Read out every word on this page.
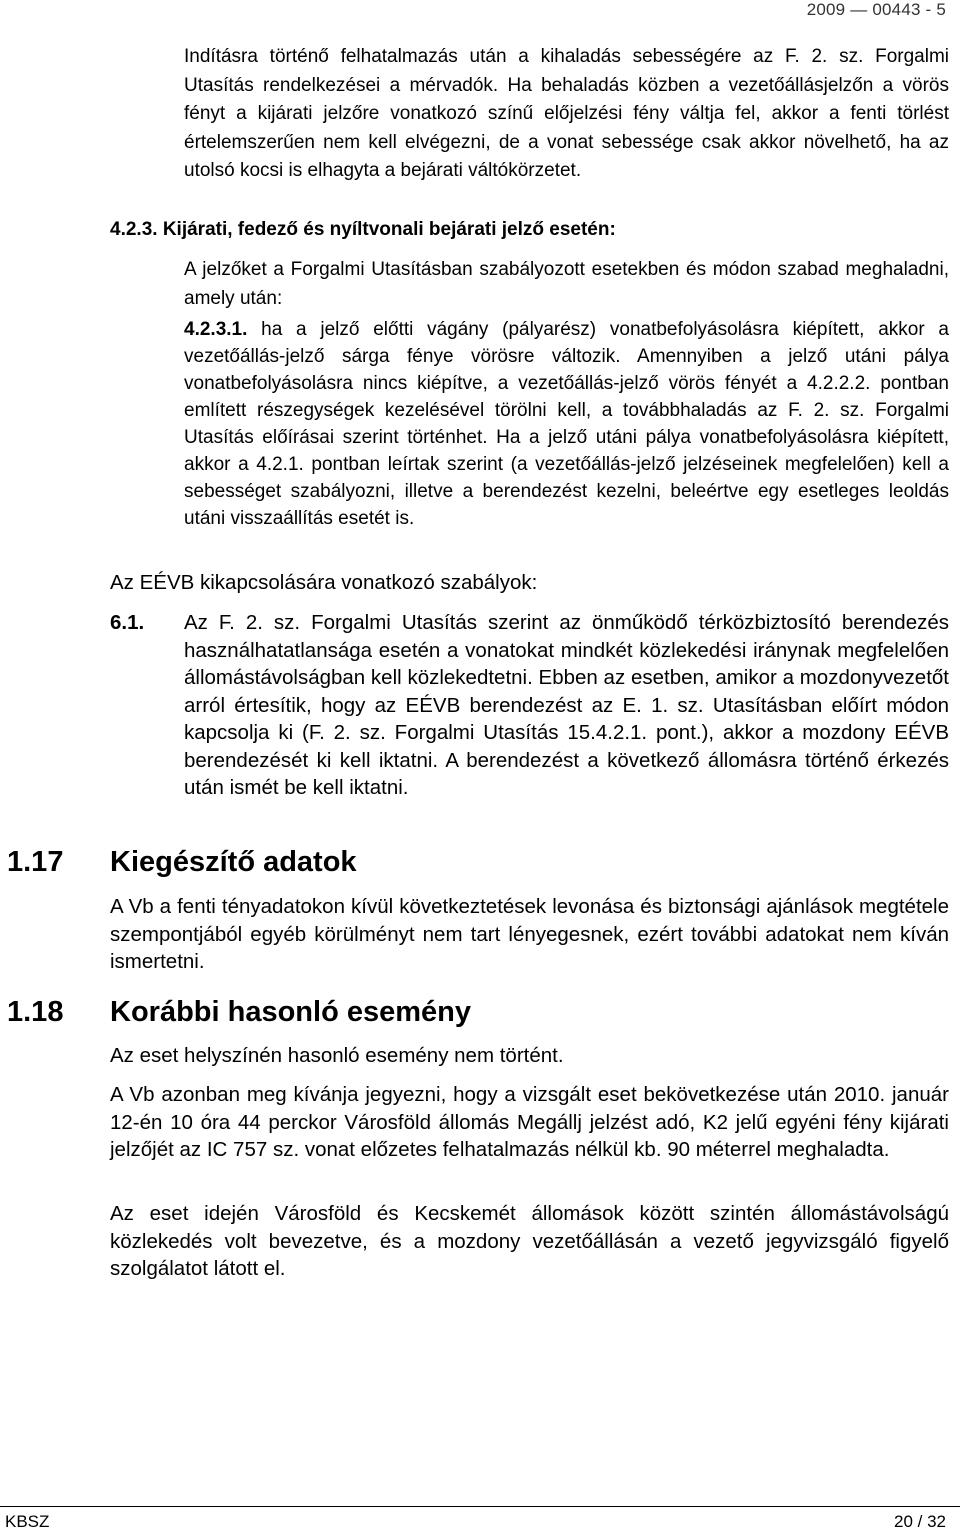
2009 — 00443 - 5

Indításra történő felhatalmazás után a kihaladás sebességére az F. 2. sz. Forgalmi Utasítás rendelkezései a mérvadók. Ha behaladás közben a vezetőállásjelzőn a vörös fényt a kijárati jelzőre vonatkozó színű előjelzési fény váltja fel, akkor a fenti törlést értelemszerűen nem kell elvégezni, de a vonat sebessége csak akkor növelhető, ha az utolsó kocsi is elhagyta a bejárati váltókörzetet.

4.2.3. Kijárati, fedező és nyíltvonali bejárati jelző esetén:

A jelzőket a Forgalmi Utasításban szabályozott esetekben és módon szabad meghaladni, amely után:

4.2.3.1. ha a jelző előtti vágány (pályarész) vonatbefolyásolásra kiépített, akkor a vezetőállás-jelző sárga fénye vörösre változik. Amennyiben a jelző utáni pálya vonatbefolyásolásra nincs kiépítve, a vezetőállás-jelző vörös fényét a 4.2.2.2. pontban említett részegységek kezelésével törölni kell, a továbbhaladás az F. 2. sz. Forgalmi Utasítás előírásai szerint történhet. Ha a jelző utáni pálya vonatbefolyásolásra kiépített, akkor a 4.2.1. pontban leírtak szerint (a vezetőállás-jelző jelzéseinek megfelelően) kell a sebességet szabályozni, illetve a berendezést kezelni, beleértve egy esetleges leoldás utáni visszaállítás esetét is.

Az EÉVB kikapcsolására vonatkozó szabályok:
6.1. Az F. 2. sz. Forgalmi Utasítás szerint az önműködő térközbiztosító berendezés használhatatlansága esetén a vonatokat mindkét közlekedési iránynak megfelelően állomástávolságban kell közlekedtetni. Ebben az esetben, amikor a mozdonyvezetőt arról értesítik, hogy az EÉVB berendezést az E. 1. sz. Utasításban előírt módon kapcsolja ki (F. 2. sz. Forgalmi Utasítás 15.4.2.1. pont.), akkor a mozdony EÉVB berendezését ki kell iktatni. A berendezést a következő állomásra történő érkezés után ismét be kell iktatni.

1.17 Kiegészítő adatok

A Vb a fenti tényadatokon kívül következtetések levonása és biztonsági ajánlások megtétele szempontjából egyéb körülményt nem tart lényegesnek, ezért további adatokat nem kíván ismertetni.

1.18 Korábbi hasonló esemény

Az eset helyszínén hasonló esemény nem történt.

A Vb azonban meg kívánja jegyezni, hogy a vizsgált eset bekövetkezése után 2010. január 12-én 10 óra 44 perckor Városföld állomás Megállj jelzést adó, K2 jelű egyéni fény kijárati jelzőjét az IC 757 sz. vonat előzetes felhatalmazás nélkül kb. 90 méterrel meghaladta.

Az eset idején Városföld és Kecskemét állomások között szintén állomástávolságú közlekedés volt bevezetve, és a mozdony vezetőállásán a vezető jegyvizsgáló figyelő szolgálatot látott el.

KBSZ	20 / 32
